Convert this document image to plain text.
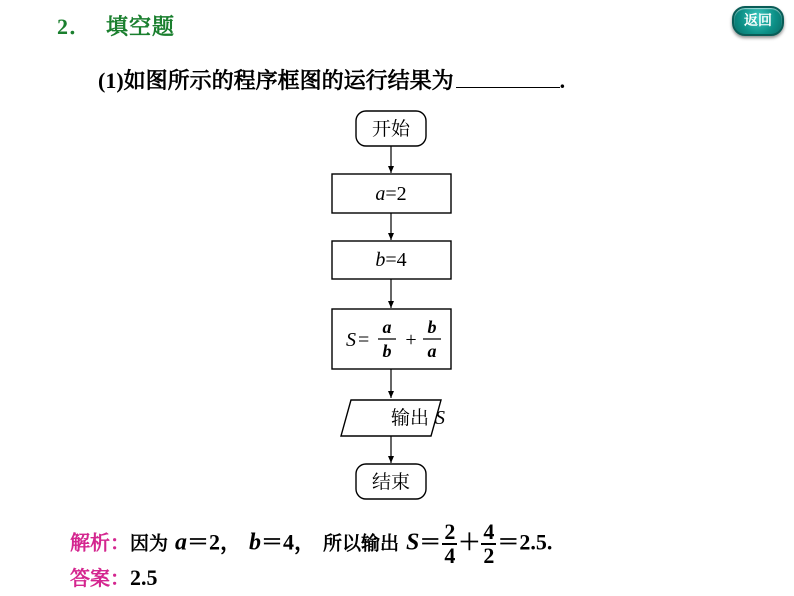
2． 填空题	返回
(1)如图所示的程序框图的运行结果为	.
开始
a=2
b=4
S =
a
b +
b
a
输出 S
结束
解析：因为 a＝2， b＝4， 所以输出 $S= \frac{2}{4} + \frac{4}{2} =2.5$.
答案：2.5
